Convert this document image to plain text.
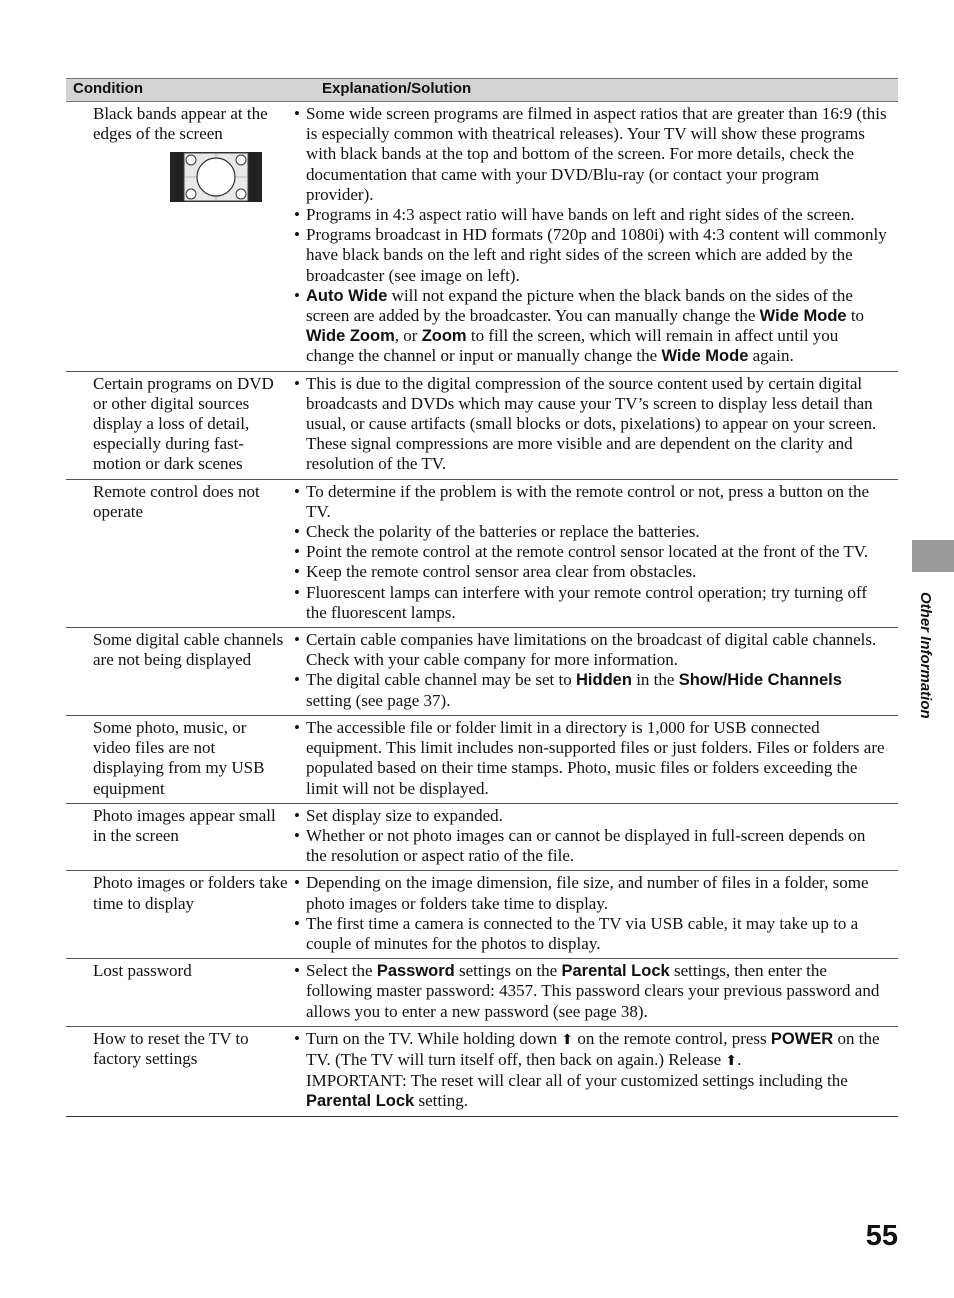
Condition	Explanation/Solution
Black bands appear at the edges of the screen
• Some wide screen programs are filmed in aspect ratios that are greater than 16:9 (this is especially common with theatrical releases). Your TV will show these programs with black bands at the top and bottom of the screen. For more details, check the documentation that came with your DVD/Blu-ray (or contact your program provider).
• Programs in 4:3 aspect ratio will have bands on left and right sides of the screen.
• Programs broadcast in HD formats (720p and 1080i) with 4:3 content will commonly have black bands on the left and right sides of the screen which are added by the broadcaster (see image on left).
• Auto Wide will not expand the picture when the black bands on the sides of the screen are added by the broadcaster. You can manually change the Wide Mode to Wide Zoom, or Zoom to fill the screen, which will remain in affect until you change the channel or input or manually change the Wide Mode again.
Certain programs on DVD or other digital sources display a loss of detail, especially during fast-motion or dark scenes
• This is due to the digital compression of the source content used by certain digital broadcasts and DVDs which may cause your TV’s screen to display less detail than usual, or cause artifacts (small blocks or dots, pixelations) to appear on your screen. These signal compressions are more visible and are dependent on the clarity and resolution of the TV.
Remote control does not operate
• To determine if the problem is with the remote control or not, press a button on the TV.
• Check the polarity of the batteries or replace the batteries.
• Point the remote control at the remote control sensor located at the front of the TV.
• Keep the remote control sensor area clear from obstacles.
• Fluorescent lamps can interfere with your remote control operation; try turning off the fluorescent lamps.
Some digital cable channels are not being displayed
• Certain cable companies have limitations on the broadcast of digital cable channels. Check with your cable company for more information.
• The digital cable channel may be set to Hidden in the Show/Hide Channels setting (see page 37).
Some photo, music, or video files are not displaying from my USB equipment
• The accessible file or folder limit in a directory is 1,000 for USB connected equipment. This limit includes non-supported files or just folders. Files or folders are populated based on their time stamps. Photo, music files or folders exceeding the limit will not be displayed.
Photo images appear small in the screen
• Set display size to expanded.
• Whether or not photo images can or cannot be displayed in full-screen depends on the resolution or aspect ratio of the file.
Photo images or folders take time to display
• Depending on the image dimension, file size, and number of files in a folder, some photo images or folders take time to display.
• The first time a camera is connected to the TV via USB cable, it may take up to a couple of minutes for the photos to display.
Lost password	• Select the Password settings on the Parental Lock settings, then enter the following master password: 4357. This password clears your previous password and allows you to enter a new password (see page 38).
How to reset the TV to factory settings
• Turn on the TV. While holding down ⬆ on the remote control, press POWER on the TV. (The TV will turn itself off, then back on again.) Release ⬆.
IMPORTANT: The reset will clear all of your customized settings including the Parental Lock setting.
Other Information
55
